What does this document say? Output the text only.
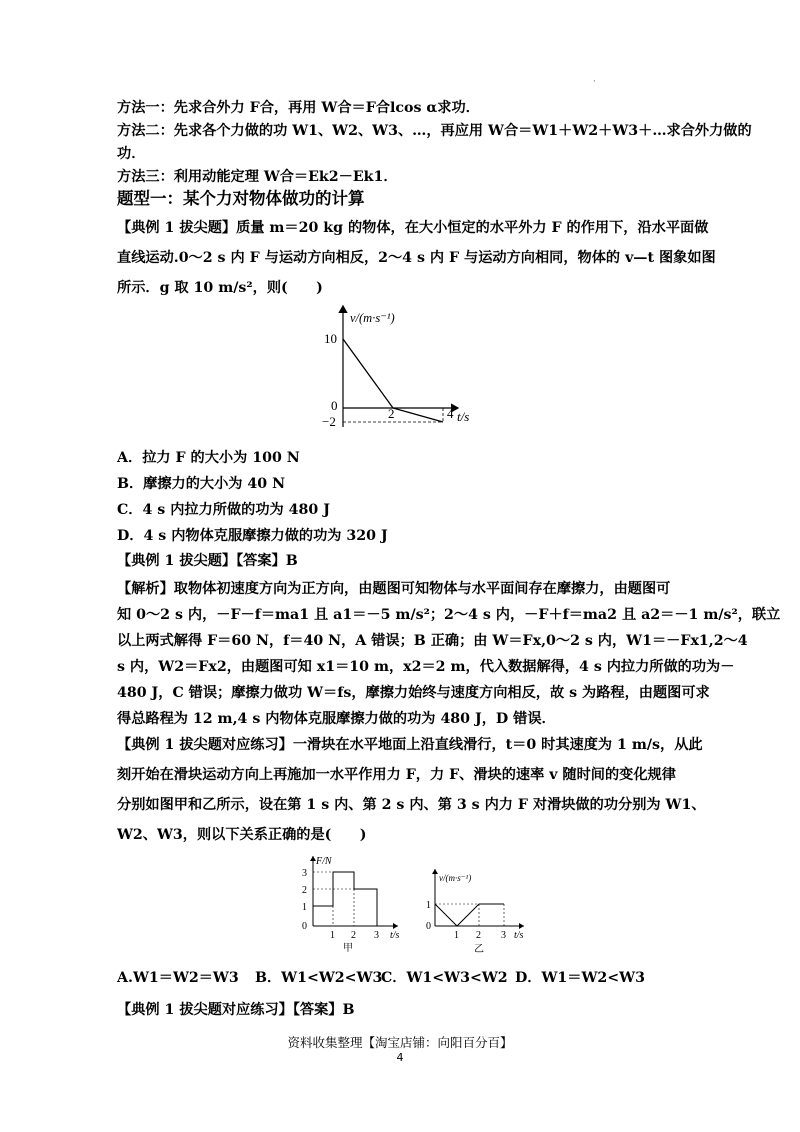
·

方法一：先求合外力 F合，再用 W合＝F合lcos α求功．

方法二：先求各个力做的功 W1、W2、W3、…，再应用 W合＝W1＋W2＋W3＋…求合外力做的

功．

方法三：利用动能定理 W合＝Ek2－Ek1．

题型一：某个力对物体做功的计算

【典例 1 拔尖题】质量 m＝20 kg 的物体，在大小恒定的水平外力 F 的作用下，沿水平面做

直线运动.0～2 s 内 F 与运动方向相反，2～4 s 内 F 与运动方向相同，物体的 v—t 图象如图

所示．g 取 10 m/s²，则(　　)

v/(m·s⁻¹)
10
0
−2
2	4 t/s

A．拉力 F 的大小为 100 N

B．摩擦力的大小为 40 N

C．4 s 内拉力所做的功为 480 J

D．4 s 内物体克服摩擦力做的功为 320 J

【典例 1 拔尖题】【答案】B

【解析】取物体初速度方向为正方向，由题图可知物体与水平面间存在摩擦力，由题图可

知 0～2 s 内，－F－f＝ma1 且 a1＝－5 m/s²；2～4 s 内，－F＋f＝ma2 且 a2＝－1 m/s²，联立

以上两式解得 F＝60 N，f＝40 N，A 错误；B 正确；由 W＝Fx,0～2 s 内，W1＝－Fx1,2～4

s 内，W2＝Fx2，由题图可知 x1＝10 m，x2＝2 m，代入数据解得，4 s 内拉力所做的功为－

480 J，C 错误；摩擦力做功 W＝fs，摩擦力始终与速度方向相反，故 s 为路程，由题图可求

得总路程为 12 m,4 s 内物体克服摩擦力做的功为 480 J，D 错误．

【典例 1 拔尖题对应练习】一滑块在水平地面上沿直线滑行，t＝0 时其速度为 1 m/s，从此

刻开始在滑块运动方向上再施加一水平作用力 F，力 F、滑块的速率 v 随时间的变化规律

分别如图甲和乙所示，设在第 1 s 内、第 2 s 内、第 3 s 内力 F 对滑块做的功分别为 W1、

W2、W3，则以下关系正确的是(　　)

F/N
3
2
1
0
1 2 3 t/s
甲
v/(m·s⁻¹)
1
0
1 2 3 t/s
乙
A.W1＝W2＝W3 B．W1<W2<W3
C．W1<W3<W2 D．W1＝W2<W3

【典例 1 拔尖题对应练习】【答案】B

资料收集整理【淘宝店铺：向阳百分百】
4
